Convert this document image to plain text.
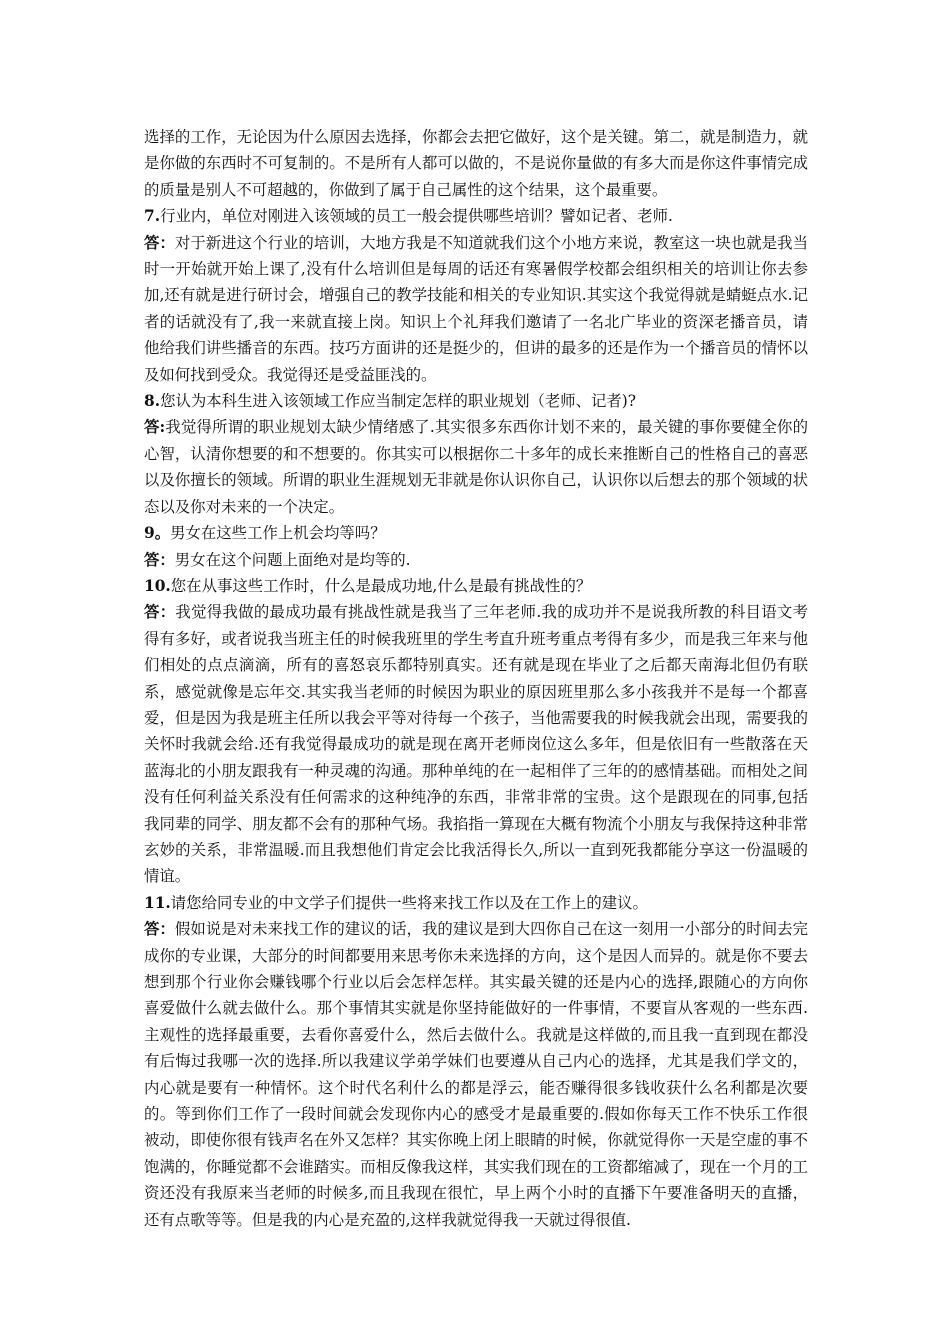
选择的工作，无论因为什么原因去选择，你都会去把它做好，这个是关键。第二，就是制造力，就是你做的东西时不可复制的。不是所有人都可以做的，不是说你量做的有多大而是你这件事情完成的质量是别人不可超越的，你做到了属于自己属性的这个结果，这个最重要。

7.行业内，单位对刚进入该领域的员工一般会提供哪些培训？譬如记者、老师.

答：对于新进这个行业的培训，大地方我是不知道就我们这个小地方来说，教室这一块也就是我当时一开始就开始上课了,没有什么培训但是每周的话还有寒暑假学校都会组织相关的培训让你去参加,还有就是进行研讨会，增强自己的教学技能和相关的专业知识.其实这个我觉得就是蜻蜓点水.记者的话就没有了,我一来就直接上岗。知识上个礼拜我们邀请了一名北广毕业的资深老播音员，请他给我们讲些播音的东西。技巧方面讲的还是挺少的，但讲的最多的还是作为一个播音员的情怀以及如何找到受众。我觉得还是受益匪浅的。

8.您认为本科生进入该领域工作应当制定怎样的职业规划（老师、记者)?

答:我觉得所谓的职业规划太缺少情绪感了.其实很多东西你计划不来的，最关键的事你要健全你的心智，认清你想要的和不想要的。你其实可以根据你二十多年的成长来推断自己的性格自己的喜恶以及你擅长的领域。所谓的职业生涯规划无非就是你认识你自己，认识你以后想去的那个领域的状态以及你对未来的一个决定。

9。男女在这些工作上机会均等吗？

答：男女在这个问题上面绝对是均等的.

10.您在从事这些工作时，什么是最成功地,什么是最有挑战性的？

答：我觉得我做的最成功最有挑战性就是我当了三年老师.我的成功并不是说我所教的科目语文考得有多好，或者说我当班主任的时候我班里的学生考直升班考重点考得有多少，而是我三年来与他们相处的点点滴滴，所有的喜怒哀乐都特别真实。还有就是现在毕业了之后都天南海北但仍有联系，感觉就像是忘年交.其实我当老师的时候因为职业的原因班里那么多小孩我并不是每一个都喜爱，但是因为我是班主任所以我会平等对待每一个孩子，当他需要我的时候我就会出现，需要我的关怀时我就会给.还有我觉得最成功的就是现在离开老师岗位这么多年，但是依旧有一些散落在天蓝海北的小朋友跟我有一种灵魂的沟通。那种单纯的在一起相伴了三年的的感情基础。而相处之间没有任何利益关系没有任何需求的这种纯净的东西，非常非常的宝贵。这个是跟现在的同事,包括我同辈的同学、朋友都不会有的那种气场。我掐指一算现在大概有物流个小朋友与我保持这种非常玄妙的关系，非常温暖.而且我想他们肯定会比我活得长久,所以一直到死我都能分享这一份温暖的情谊。

11.请您给同专业的中文学子们提供一些将来找工作以及在工作上的建议。

答：假如说是对未来找工作的建议的话，我的建议是到大四你自己在这一刻用一小部分的时间去完成你的专业课，大部分的时间都要用来思考你未来选择的方向，这个是因人而异的。就是你不要去想到那个行业你会赚钱哪个行业以后会怎样怎样。其实最关键的还是内心的选择,跟随心的方向你喜爱做什么就去做什么。那个事情其实就是你坚持能做好的一件事情，不要盲从客观的一些东西.主观性的选择最重要，去看你喜爱什么，然后去做什么。我就是这样做的,而且我一直到现在都没有后悔过我哪一次的选择.所以我建议学弟学妹们也要遵从自己内心的选择，尤其是我们学文的，内心就是要有一种情怀。这个时代名利什么的都是浮云，能否赚得很多钱收获什么名利都是次要的。等到你们工作了一段时间就会发现你内心的感受才是最重要的.假如你每天工作不快乐工作很被动，即使你很有钱声名在外又怎样？其实你晚上闭上眼睛的时候，你就觉得你一天是空虚的事不饱满的，你睡觉都不会谁踏实。而相反像我这样，其实我们现在的工资都缩减了，现在一个月的工资还没有我原来当老师的时候多,而且我现在很忙，早上两个小时的直播下午要准备明天的直播，还有点歌等等。但是我的内心是充盈的,这样我就觉得我一天就过得很值.
